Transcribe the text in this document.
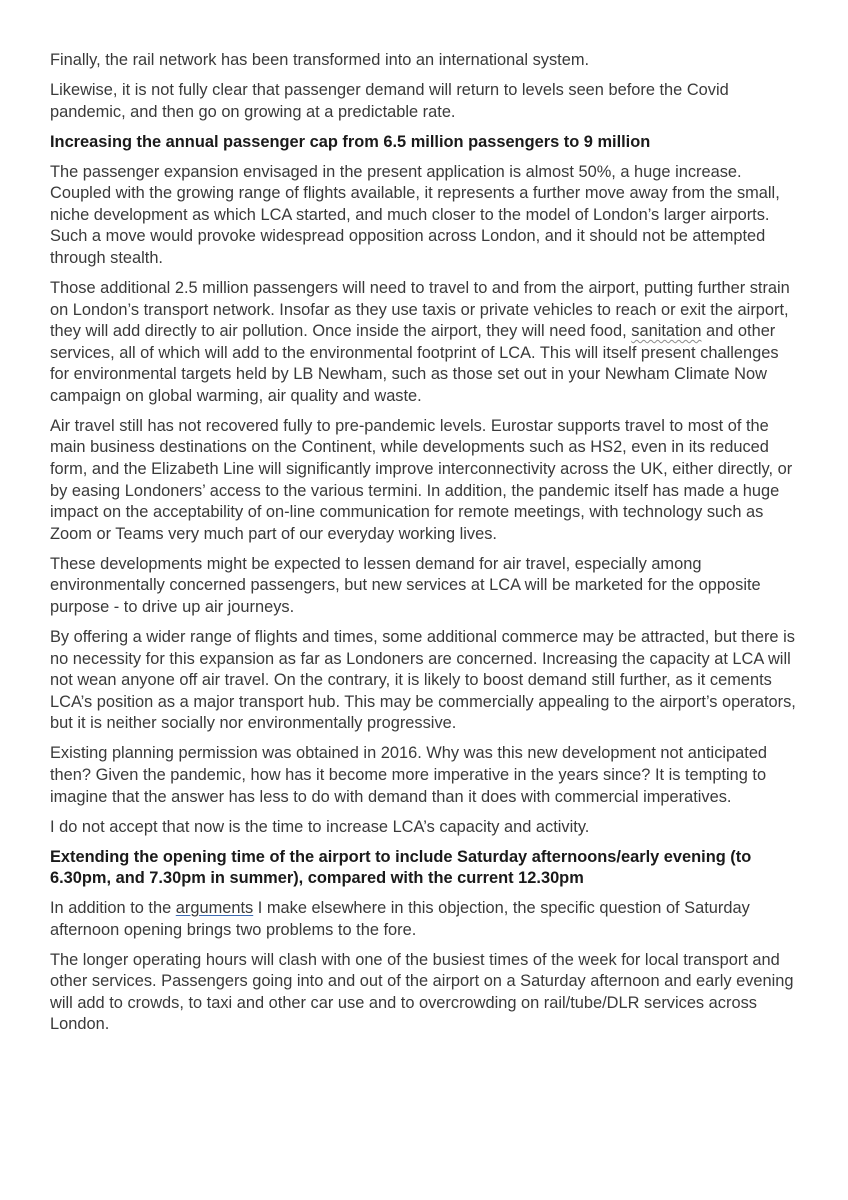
Finally, the rail network has been transformed into an international system.

Likewise, it is not fully clear that passenger demand will return to levels seen before the Covid pandemic, and then go on growing at a predictable rate.

Increasing the annual passenger cap from 6.5 million passengers to 9 million

The passenger expansion envisaged in the present application is almost 50%, a huge increase. Coupled with the growing range of flights available, it represents a further move away from the small, niche development as which LCA started, and much closer to the model of London’s larger airports. Such a move would provoke widespread opposition across London, and it should not be attempted through stealth.

Those additional 2.5 million passengers will need to travel to and from the airport, putting further strain on London’s transport network. Insofar as they use taxis or private vehicles to reach or exit the airport, they will add directly to air pollution. Once inside the airport, they will need food, sanitation and other services, all of which will add to the environmental footprint of LCA. This will itself present challenges for environmental targets held by LB Newham, such as those set out in your Newham Climate Now campaign on global warming, air quality and waste.

Air travel still has not recovered fully to pre-pandemic levels. Eurostar supports travel to most of the main business destinations on the Continent, while developments such as HS2, even in its reduced form, and the Elizabeth Line will significantly improve interconnectivity across the UK, either directly, or by easing Londoners’ access to the various termini. In addition, the pandemic itself has made a huge impact on the acceptability of on-line communication for remote meetings, with technology such as Zoom or Teams very much part of our everyday working lives.

These developments might be expected to lessen demand for air travel, especially among environmentally concerned passengers, but new services at LCA will be marketed for the opposite purpose - to drive up air journeys.

By offering a wider range of flights and times, some additional commerce may be attracted, but there is no necessity for this expansion as far as Londoners are concerned. Increasing the capacity at LCA will not wean anyone off air travel. On the contrary, it is likely to boost demand still further, as it cements LCA’s position as a major transport hub. This may be commercially appealing to the airport’s operators, but it is neither socially nor environmentally progressive.

Existing planning permission was obtained in 2016. Why was this new development not anticipated then? Given the pandemic, how has it become more imperative in the years since? It is tempting to imagine that the answer has less to do with demand than it does with commercial imperatives.

I do not accept that now is the time to increase LCA’s capacity and activity.

Extending the opening time of the airport to include Saturday afternoons/early evening (to 6.30pm, and 7.30pm in summer), compared with the current 12.30pm

In addition to the arguments I make elsewhere in this objection, the specific question of Saturday afternoon opening brings two problems to the fore.

The longer operating hours will clash with one of the busiest times of the week for local transport and other services. Passengers going into and out of the airport on a Saturday afternoon and early evening will add to crowds, to taxi and other car use and to overcrowding on rail/tube/DLR services across London.
